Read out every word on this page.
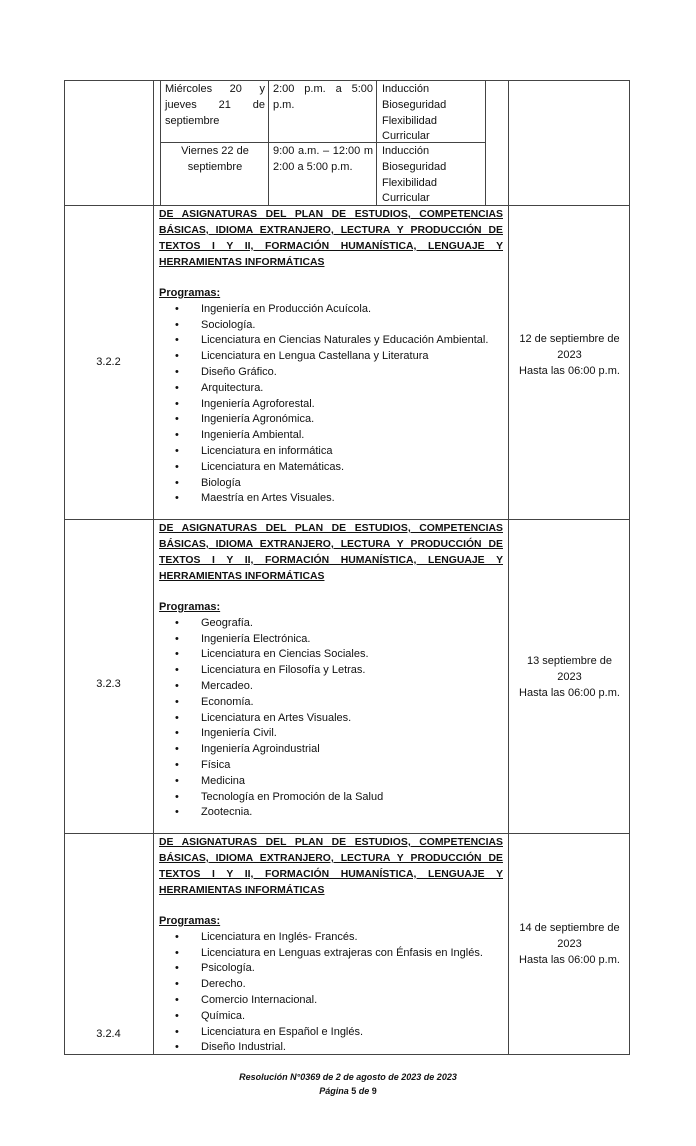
Miércoles 20 y jueves 21 de septiembre
2:00 p.m. a 5:00 p.m.
Inducción
Bioseguridad
Flexibilidad
Curricular
Viernes 22 de septiembre
9:00 a.m. – 12:00 m 2:00 a 5:00 p.m.
Inducción
Bioseguridad
Flexibilidad
Curricular
3.2.2
DE ASIGNATURAS DEL PLAN DE ESTUDIOS, COMPETENCIAS BÁSICAS, IDIOMA EXTRANJERO, LECTURA Y PRODUCCIÓN DE TEXTOS I Y II, FORMACIÓN HUMANÍSTICA, LENGUAJE Y HERRAMIENTAS INFORMÁTICAS
Programas:
• Ingeniería en Producción Acuícola.
• Sociología.
• Licenciatura en Ciencias Naturales y Educación Ambiental.
• Licenciatura en Lengua Castellana y Literatura
• Diseño Gráfico.
• Arquitectura.
• Ingeniería Agroforestal.
• Ingeniería Agronómica.
• Ingeniería Ambiental.
• Licenciatura en informática
• Licenciatura en Matemáticas.
• Biología
• Maestría en Artes Visuales.
12 de septiembre de
2023
Hasta las 06:00 p.m.
3.2.3
DE ASIGNATURAS DEL PLAN DE ESTUDIOS, COMPETENCIAS BÁSICAS, IDIOMA EXTRANJERO, LECTURA Y PRODUCCIÓN DE TEXTOS I Y II, FORMACIÓN HUMANÍSTICA, LENGUAJE Y HERRAMIENTAS INFORMÁTICAS
Programas:
• Geografía.
• Ingeniería Electrónica.
• Licenciatura en Ciencias Sociales.
• Licenciatura en Filosofía y Letras.
• Mercadeo.
• Economía.
• Licenciatura en Artes Visuales.
• Ingeniería Civil.
• Ingeniería Agroindustrial
• Física
• Medicina
• Tecnología en Promoción de la Salud
• Zootecnia.
13 septiembre de
2023
Hasta las 06:00 p.m.
3.2.4
DE ASIGNATURAS DEL PLAN DE ESTUDIOS, COMPETENCIAS BÁSICAS, IDIOMA EXTRANJERO, LECTURA Y PRODUCCIÓN DE TEXTOS I Y II, FORMACIÓN HUMANÍSTICA, LENGUAJE Y HERRAMIENTAS INFORMÁTICAS
Programas:
• Licenciatura en Inglés- Francés.
• Licenciatura en Lenguas extrajeras con Énfasis en Inglés.
• Psicología.
• Derecho.
• Comercio Internacional.
• Química.
• Licenciatura en Español e Inglés.
• Diseño Industrial.
14 de septiembre de
2023
Hasta las 06:00 p.m.
Resolución N°0369 de 2 de agosto de 2023 de 2023
Página 5 de 9
